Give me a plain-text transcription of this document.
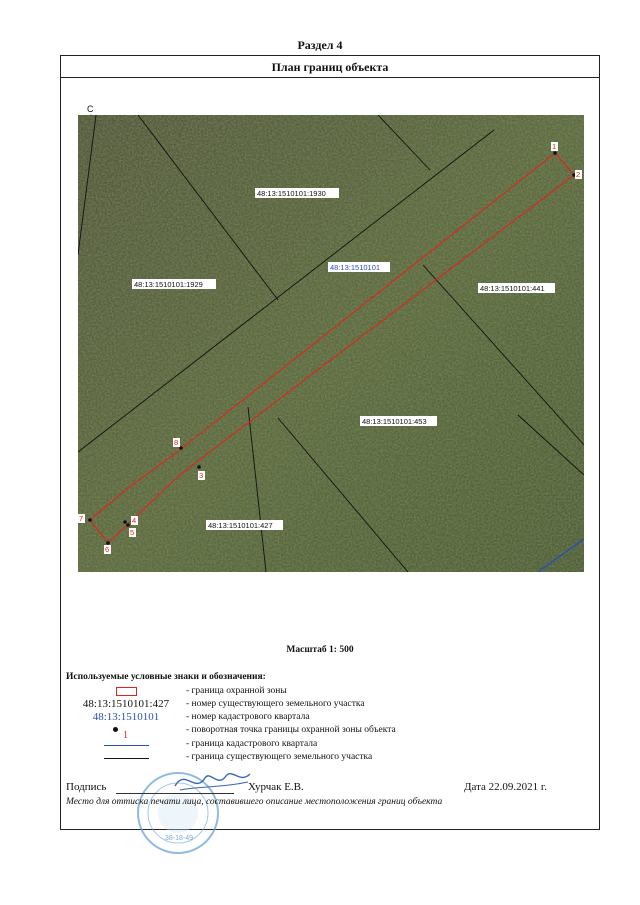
Раздел 4
План границ объекта
С
1
2
3
4
5
6
7
8
48:13:1510101:1930
48:13:1510101:1929	48:13:1510101:441
48:13:1510101:453
48:13:1510101:427
48:13:1510101
Масштаб 1: 500
Используемые условные знаки и обозначения:
- граница охранной зоны
48:13:1510101:427	- номер существующего земельного участка
48:13:1510101	- номер кадастрового квартала
1	- поворотная точка границы охранной зоны объекта
- граница кадастрового квартала
- граница существующего земельного участка
38-18-49
Подпись	Хурчак Е.В.	Дата 22.09.2021 г.
Место для оттиска печати лица, составившего описание местоположения границ объекта
